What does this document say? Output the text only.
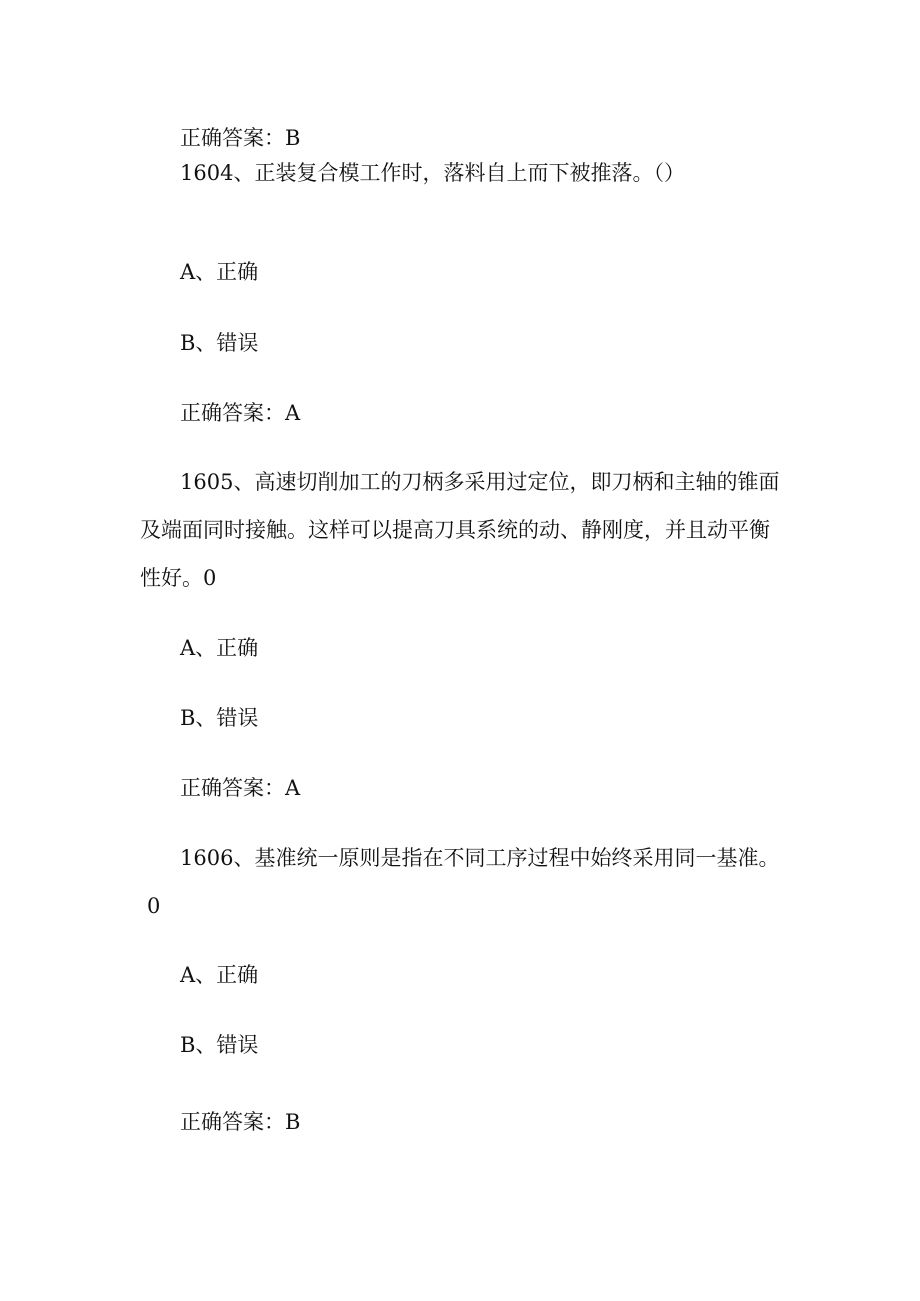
正确答案：B
1604、正装复合模工作时，落料自上而下被推落。（）
A、正确
B、错误
正确答案：A
1605、高速切削加工的刀柄多采用过定位，即刀柄和主轴的锥面
及端面同时接触。这样可以提高刀具系统的动、静刚度，并且动平衡
性好。0
A、正确
B、错误
正确答案：A
1606、基准统一原则是指在不同工序过程中始终采用同一基准。
0
A、正确
B、错误
正确答案：B
